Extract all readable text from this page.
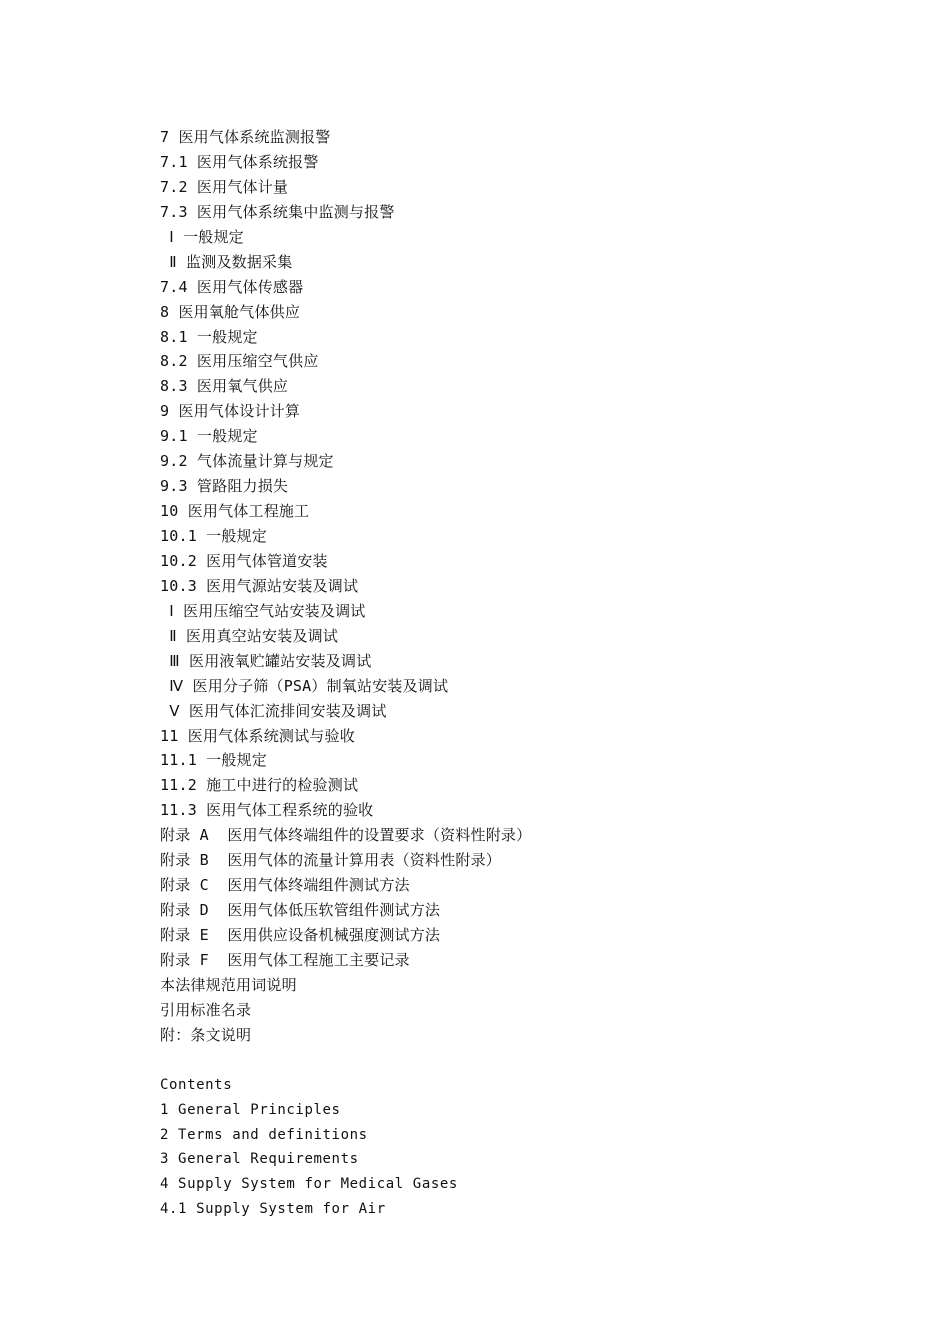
7 医用气体系统监测报警
7.1 医用气体系统报警
7.2 医用气体计量
7.3 医用气体系统集中监测与报警
Ⅰ 一般规定
Ⅱ 监测及数据采集
7.4 医用气体传感器
8 医用氧舱气体供应
8.1 一般规定
8.2 医用压缩空气供应
8.3 医用氧气供应
9 医用气体设计计算
9.1 一般规定
9.2 气体流量计算与规定
9.3 管路阻力损失
10 医用气体工程施工
10.1 一般规定
10.2 医用气体管道安装
10.3 医用气源站安装及调试
Ⅰ 医用压缩空气站安装及调试
Ⅱ 医用真空站安装及调试
Ⅲ 医用液氧贮罐站安装及调试
Ⅳ 医用分子筛（PSA）制氧站安装及调试
Ⅴ 医用气体汇流排间安装及调试
11 医用气体系统测试与验收
11.1 一般规定
11.2 施工中进行的检验测试
11.3 医用气体工程系统的验收
附录 A  医用气体终端组件的设置要求（资料性附录）
附录 B  医用气体的流量计算用表（资料性附录）
附录 C  医用气体终端组件测试方法
附录 D  医用气体低压软管组件测试方法
附录 E  医用供应设备机械强度测试方法
附录 F  医用气体工程施工主要记录
本法律规范用词说明
引用标准名录
附：条文说明
Contents
1 General Principles
2 Terms and definitions
3 General Requirements
4 Supply System for Medical Gases
4.1 Supply System for Air
